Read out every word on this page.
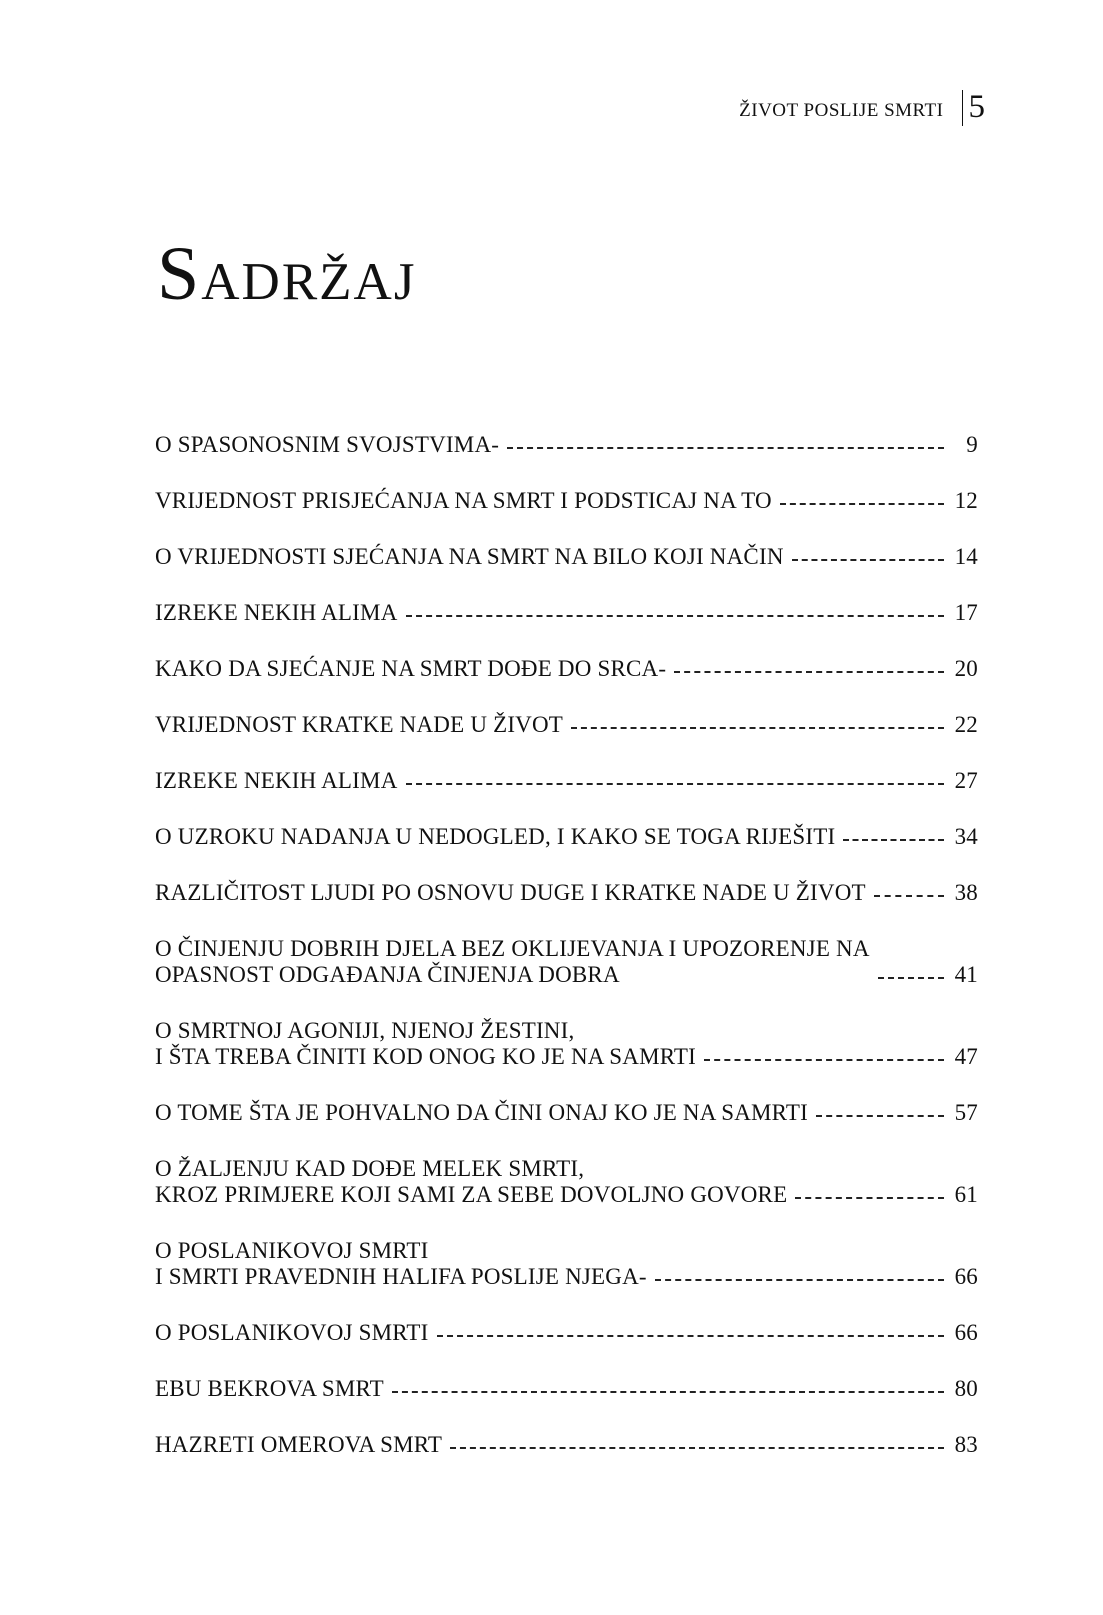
ŽIVOT POSLIJE SMRTI 5
Sadržaj
O SPASONOSNIM SVOJSTVIMA-	9
VRIJEDNOST PRISJEĆANJA NA SMRT I PODSTICAJ NA TO	12
O VRIJEDNOSTI SJEĆANJA NA SMRT NA BILO KOJI NAČIN	14
IZREKE NEKIH ALIMA	17
KAKO DA SJEĆANJE NA SMRT DOĐE DO SRCA-	20
VRIJEDNOST KRATKE NADE U ŽIVOT	22
IZREKE NEKIH ALIMA	27
O UZROKU NADANJA U NEDOGLED, I KAKO SE TOGA RIJEŠITI	34
RAZLIČITOST LJUDI PO OSNOVU DUGE I KRATKE NADE U ŽIVOT	38
O ČINJENJU DOBRIH DJELA BEZ OKLIJEVANJA I UPOZORENJE NA
OPASNOST ODGAĐANJA ČINJENJA DOBRA	41
O SMRTNOJ AGONIJI, NJENOJ ŽESTINI,
I ŠTA TREBA ČINITI KOD ONOG KO JE NA SAMRTI	47
O TOME ŠTA JE POHVALNO DA ČINI ONAJ KO JE NA SAMRTI	57
O ŽALJENJU KAD DOĐE MELEK SMRTI,
KROZ PRIMJERE KOJI SAMI ZA SEBE DOVOLJNO GOVORE	61
O POSLANIKOVOJ SMRTI
I SMRTI PRAVEDNIH HALIFA POSLIJE NJEGA-	66
O POSLANIKOVOJ SMRTI	66
EBU BEKROVA SMRT	80
HAZRETI OMEROVA SMRT	83
